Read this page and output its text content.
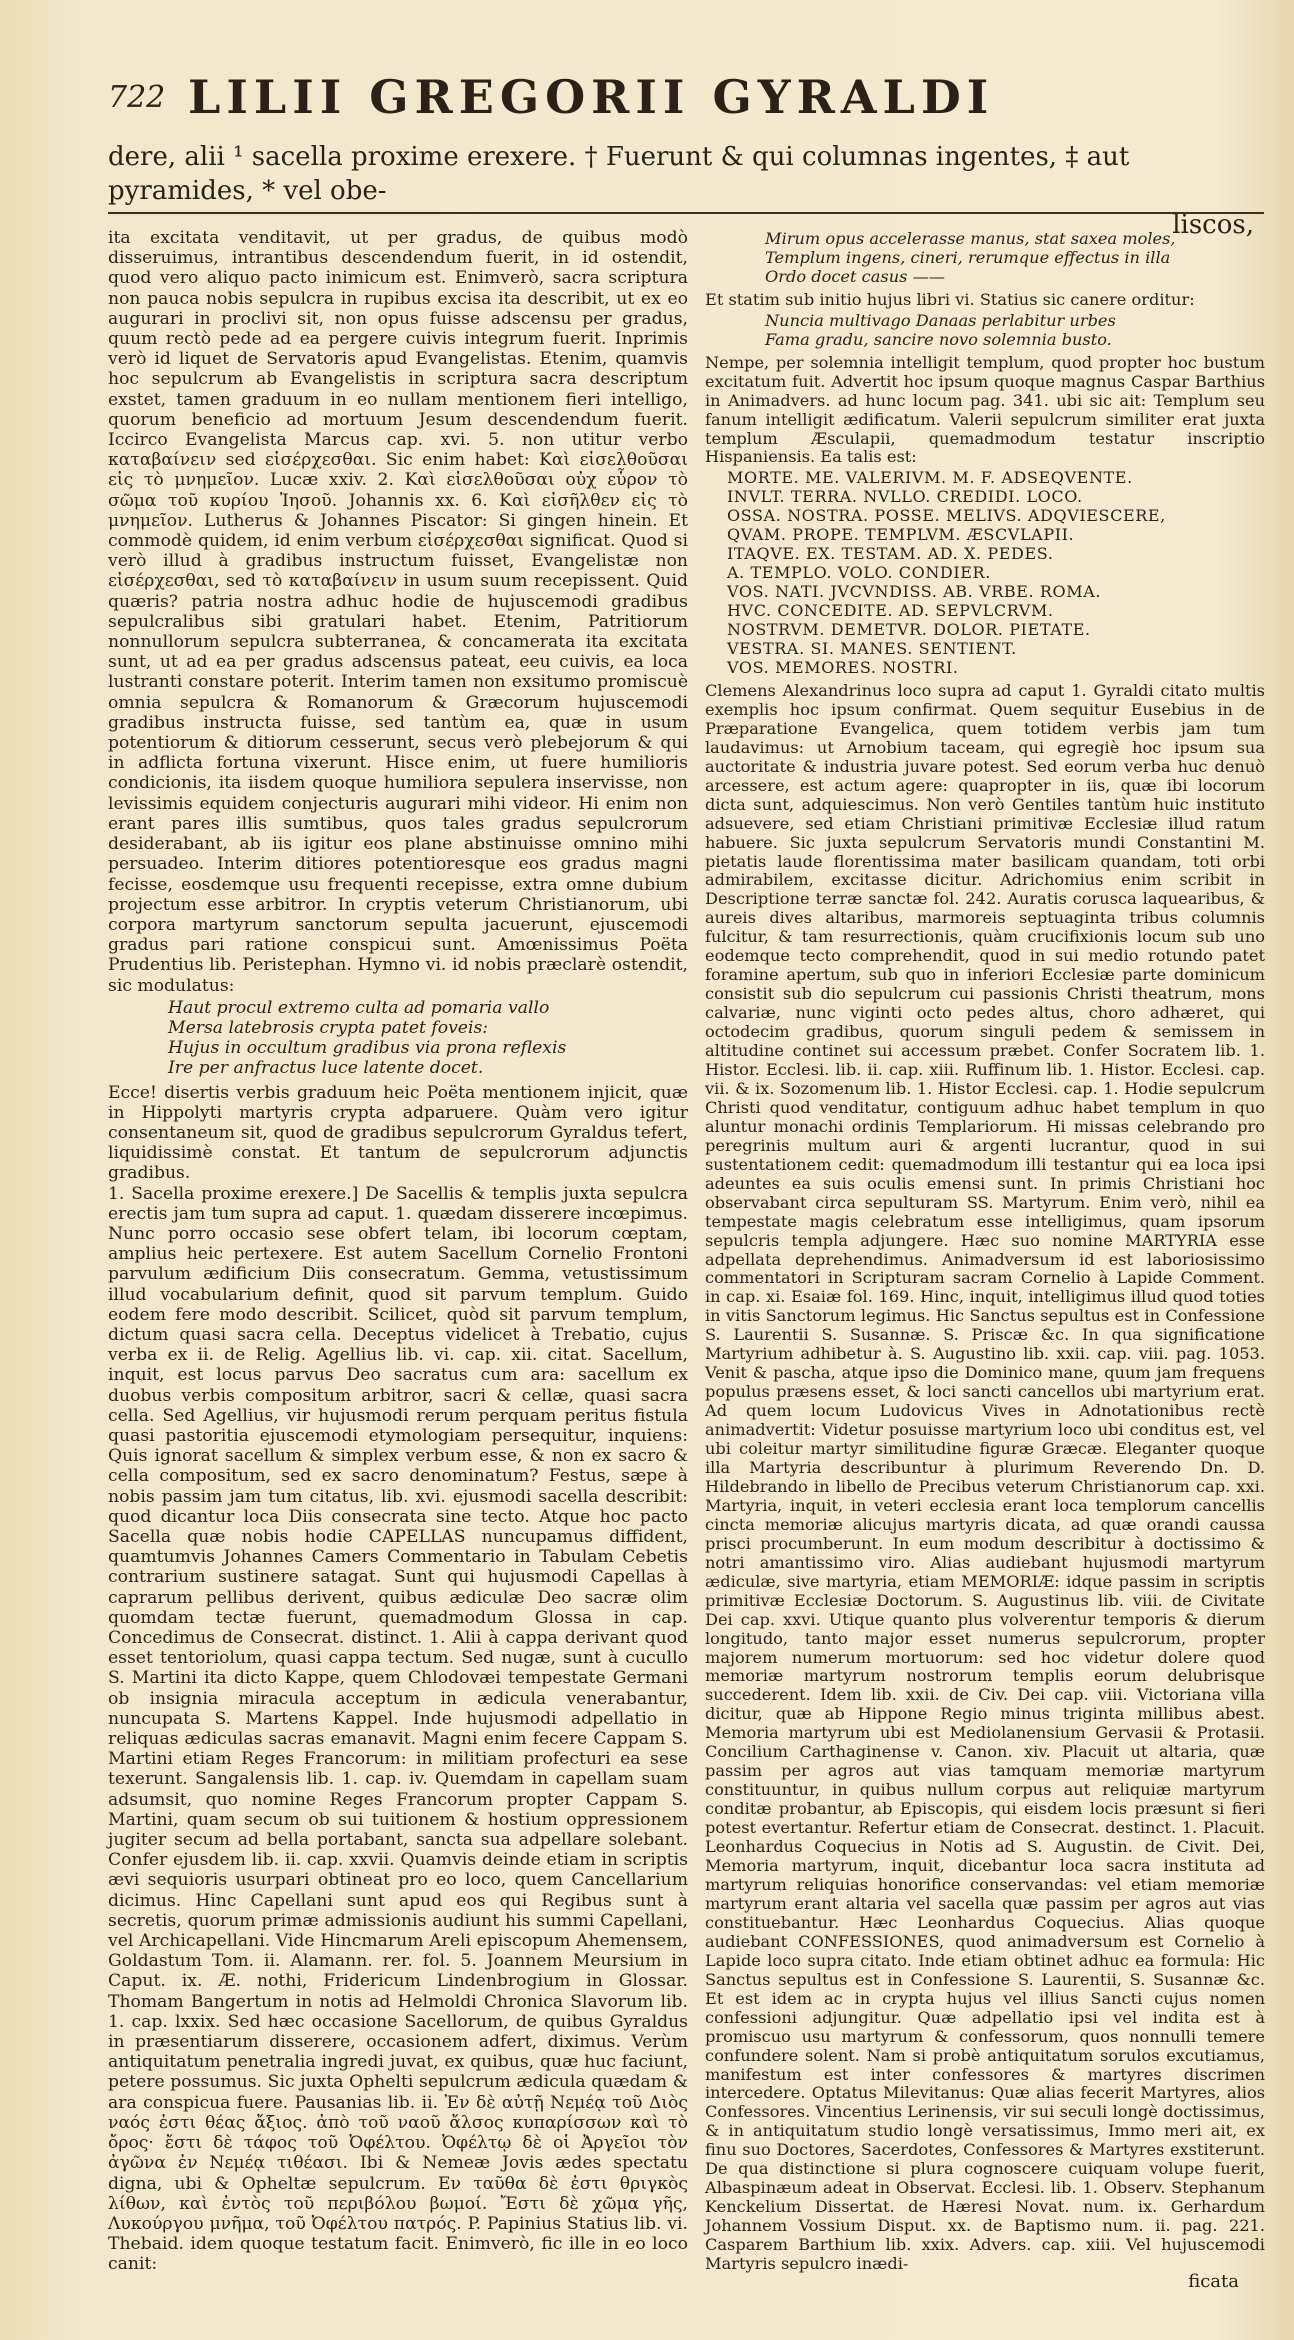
722 LILII GREGORII GYRALDI
dere, alii ¹ sacella proxime erexere. † Fuerunt & qui columnas ingentes, ‡ aut pyramides, * vel obe-
liscos,

ita excitata venditavit, ut per gradus, de quibus modò disseruimus, intrantibus descendendum fuerit, in id ostendit, quod vero aliquo pacto inimicum est. Enimverò, sacra scriptura non pauca nobis sepulcra in rupibus excisa ita describit, ut ex eo augurari in proclivi sit, non opus fuisse adscensu per gradus, quum rectò pede ad ea pergere cuivis integrum fuerit. Inprimis verò id liquet de Servatoris apud Evangelistas. Etenim, quamvis hoc sepulcrum ab Evangelistis in scriptura sacra descriptum exstet, tamen graduum in eo nullam mentionem fieri intelligo, quorum beneficio ad mortuum Jesum descendendum fuerit. Iccirco Evangelista Marcus cap. xvi. 5. non utitur verbo καταβαίνειν sed εἰσέρχεσθαι. Sic enim habet: Καὶ εἰσελθοῦσαι εἰς τὸ μνημεῖον. Lucæ xxiv. 2. Καὶ εἰσελθοῦσαι οὐχ εὗρον τὸ σῶμα τοῦ κυρίου Ἰησοῦ. Johannis xx. 6. Καὶ εἰσῆλθεν εἰς τὸ μνημεῖον. Lutherus & Johannes Piscator: Si gingen hinein. Et commodè quidem, id enim verbum εἰσέρχεσθαι significat. Quod si verò illud à gradibus instructum fuisset, Evangelistæ non εἰσέρχεσθαι, sed τὸ καταβαίνειν in usum suum recepissent. Quid quæris? patria nostra adhuc hodie de hujuscemodi gradibus sepulcralibus sibi gratulari habet. Etenim, Patritiorum nonnullorum sepulcra subterranea, & concamerata ita excitata sunt, ut ad ea per gradus adscensus pateat, eeu cuivis, ea loca lustranti constare poterit. Interim tamen non exsitumo promiscuè omnia sepulcra & Romanorum & Græcorum hujuscemodi gradibus instructa fuisse, sed tantùm ea, quæ in usum potentiorum & ditiorum cesserunt, secus verò plebejorum & qui in adflicta fortuna vixerunt. Hisce enim, ut fuere humilioris condicionis, ita iisdem quoque humiliora sepulera inservisse, non levissimis equidem conjecturis augurari mihi videor. Hi enim non erant pares illis sumtibus, quos tales gradus sepulcrorum desiderabant, ab iis igitur eos plane abstinuisse omnino mihi persuadeo. Interim ditiores potentioresque eos gradus magni fecisse, eosdemque usu frequenti recepisse, extra omne dubium projectum esse arbitror. In cryptis veterum Christianorum, ubi corpora martyrum sanctorum sepulta jacuerunt, ejuscemodi gradus pari ratione conspicui sunt. Amœnissimus Poëta Prudentius lib. Peristephan. Hymno vi. id nobis præclarè ostendit, sic modulatus:

Haut procul extremo culta ad pomaria vallo
Mersa latebrosis crypta patet foveis:
Hujus in occultum gradibus via prona reflexis
Ire per anfractus luce latente docet.

Ecce! disertis verbis graduum heic Poëta mentionem injicit, quæ in Hippolyti martyris crypta adparuere. Quàm vero igitur consentaneum sit, quod de gradibus sepulcrorum Gyraldus tefert, liquidissimè constat. Et tantum de sepulcrorum adjunctis gradibus.

1. Sacella proxime erexere.] De Sacellis & templis juxta sepulcra erectis jam tum supra ad caput. 1. quædam disserere incœpimus. Nunc porro occasio sese obfert telam, ibi locorum cœptam, amplius heic pertexere. Est autem Sacellum Cornelio Frontoni parvulum ædificium Diis consecratum. Gemma, vetustissimum illud vocabularium definit, quod sit parvum templum. Guido eodem fere modo describit. Scilicet, quòd sit parvum templum, dictum quasi sacra cella. Deceptus videlicet à Trebatio, cujus verba ex ii. de Relig. Agellius lib. vi. cap. xii. citat. Sacellum, inquit, est locus parvus Deo sacratus cum ara: sacellum ex duobus verbis compositum arbitror, sacri & cellæ, quasi sacra cella. Sed Agellius, vir hujusmodi rerum perquam peritus fistula quasi pastoritia ejuscemodi etymologiam persequitur, inquiens: Quis ignorat sacellum & simplex verbum esse, & non ex sacro & cella compositum, sed ex sacro denominatum? Festus, sæpe à nobis passim jam tum citatus, lib. xvi. ejusmodi sacella describit: quod dicantur loca Diis consecrata sine tecto. Atque hoc pacto Sacella quæ nobis hodie CAPELLAS nuncupamus diffident, quamtumvis Johannes Camers Commentario in Tabulam Cebetis contrarium sustinere satagat. Sunt qui hujusmodi Capellas à caprarum pellibus derivent, quibus ædiculæ Deo sacræ olim quomdam tectæ fuerunt, quemadmodum Glossa in cap. Concedimus de Consecrat. distinct. 1. Alii à cappa derivant quod esset tentoriolum, quasi cappa tectum. Sed nugæ, sunt à cucullo S. Martini ita dicto Kappe, quem Chlodovæi tempestate Germani ob insignia miracula acceptum in ædicula venerabantur, nuncupata S. Martens Kappel. Inde hujusmodi adpellatio in reliquas ædiculas sacras emanavit. Magni enim fecere Cappam S. Martini etiam Reges Francorum: in militiam profecturi ea sese texerunt. Sangalensis lib. 1. cap. iv. Quemdam in capellam suam adsumsit, quo nomine Reges Francorum propter Cappam S. Martini, quam secum ob sui tuitionem & hostium oppressionem jugiter secum ad bella portabant, sancta sua adpellare solebant. Confer ejusdem lib. ii. cap. xxvii. Quamvis deinde etiam in scriptis ævi sequioris usurpari obtineat pro eo loco, quem Cancellarium dicimus. Hinc Capellani sunt apud eos qui Regibus sunt à secretis, quorum primæ admissionis audiunt his summi Capellani, vel Archicapellani. Vide Hincmarum Areli episcopum Ahemensem, Goldastum Tom. ii. Alamann. rer. fol. 5. Joannem Meursium in Caput. ix. Æ. nothi, Fridericum Lindenbrogium in Glossar. Thomam Bangertum in notis ad Helmoldi Chronica Slavorum lib. 1. cap. lxxix. Sed hæc occasione Sacellorum, de quibus Gyraldus in præsentiarum disserere, occasionem adfert, diximus. Verùm antiquitatum penetralia ingredi juvat, ex quibus, quæ huc faciunt, petere possumus. Sic juxta Ophelti sepulcrum ædicula quædam & ara conspicua fuere. Pausanias lib. ii. Ἐν δὲ αὐτῇ Νεμέᾳ τοῦ Διὸς ναός ἐστι θέας ἄξιος. ἀπὸ τοῦ ναοῦ ἄλσος κυπαρίσσων καὶ τὸ ὄρος· ἔστι δὲ τάφος τοῦ Ὀφέλτου. Ὀφέλτῳ δὲ οἱ Ἀργεῖοι τὸν ἀγῶνα ἐν Νεμέᾳ τιθέασι. Ibi & Nemeæ Jovis ædes spectatu digna, ubi & Opheltæ sepulcrum. Εν ταῦθα δὲ ἐστι θριγκὸς λίθων, καὶ ἐντὸς τοῦ περιβόλου βωμοί. Ἔστι δὲ χῶμα γῆς, Λυκούργου μνῆμα, τοῦ Ὀφέλτου πατρός. P. Papinius Statius lib. vi. Thebaid. idem quoque testatum facit. Enimverò, fic ille in eo loco canit:

Mirum opus accelerasse manus, stat saxea moles,
Templum ingens, cineri, rerumque effectus in illa
Ordo docet casus ——

Et statim sub initio hujus libri vi. Statius sic canere orditur:

Nuncia multivago Danaas perlabitur urbes
Fama gradu, sancire novo solemnia busto.

Nempe, per solemnia intelligit templum, quod propter hoc bustum excitatum fuit. Advertit hoc ipsum quoque magnus Caspar Barthius in Animadvers. ad hunc locum pag. 341. ubi sic ait: Templum seu fanum intelligit ædificatum. Valerii sepulcrum similiter erat juxta templum Æsculapii, quemadmodum testatur inscriptio Hispaniensis. Ea talis est:

MORTE. ME. VALERIVM. M. F. ADSEQVENTE.
INVLT. TERRA. NVLLO. CREDIDI. LOCO.
OSSA. NOSTRA. POSSE. MELIVS. ADQVIESCERE,
QVAM. PROPE. TEMPLVM. ÆSCVLAPII.
ITAQVE. EX. TESTAM. AD. X. PEDES.
A. TEMPLO. VOLO. CONDIER.
VOS. NATI. JVCVNDISS. AB. VRBE. ROMA.
HVC. CONCEDITE. AD. SEPVLCRVM.
NOSTRVM. DEMETVR. DOLOR. PIETATE.
VESTRA. SI. MANES. SENTIENT.
VOS. MEMORES. NOSTRI.

Clemens Alexandrinus loco supra ad caput 1. Gyraldi citato multis exemplis hoc ipsum confirmat. Quem sequitur Eusebius in de Præparatione Evangelica, quem totidem verbis jam tum laudavimus: ut Arnobium taceam, qui egregiè hoc ipsum sua auctoritate & industria juvare potest. Sed eorum verba huc denuò arcessere, est actum agere: quapropter in iis, quæ ibi locorum dicta sunt, adquiescimus. Non verò Gentiles tantùm huic instituto adsuevere, sed etiam Christiani primitivæ Ecclesiæ illud ratum habuere. Sic juxta sepulcrum Servatoris mundi Constantini M. pietatis laude florentissima mater basilicam quandam, toti orbi admirabilem, excitasse dicitur. Adrichomius enim scribit in Descriptione terræ sanctæ fol. 242. Auratis corusca laquearibus, & aureis dives altaribus, marmoreis septuaginta tribus columnis fulcitur, & tam resurrectionis, quàm crucifixionis locum sub uno eodemque tecto comprehendit, quod in sui medio rotundo patet foramine apertum, sub quo in inferiori Ecclesiæ parte dominicum consistit sub dio sepulcrum cui passionis Christi theatrum, mons calvariæ, nunc viginti octo pedes altus, choro adhæret, qui octodecim gradibus, quorum singuli pedem & semissem in altitudine continet sui accessum præbet. Confer Socratem lib. 1. Histor. Ecclesi. lib. ii. cap. xiii. Ruffinum lib. 1. Histor. Ecclesi. cap. vii. & ix. Sozomenum lib. 1. Histor Ecclesi. cap. 1. Hodie sepulcrum Christi quod venditatur, contiguum adhuc habet templum in quo aluntur monachi ordinis Templariorum. Hi missas celebrando pro peregrinis multum auri & argenti lucrantur, quod in sui sustentationem cedit: quemadmodum illi testantur qui ea loca ipsi adeuntes ea suis oculis emensi sunt. In primis Christiani hoc observabant circa sepulturam SS. Martyrum. Enim verò, nihil ea tempestate magis celebratum esse intelligimus, quam ipsorum sepulcris templa adjungere. Hæc suo nomine MARTYRIA esse adpellata deprehendimus. Animadversum id est laboriosissimo commentatori in Scripturam sacram Cornelio à Lapide Comment. in cap. xi. Esaiæ fol. 169. Hinc, inquit, intelligimus illud quod toties in vitis Sanctorum legimus. Hic Sanctus sepultus est in Confessione S. Laurentii S. Susannæ. S. Priscæ &c. In qua significatione Martyrium adhibetur à. S. Augustino lib. xxii. cap. viii. pag. 1053. Venit & pascha, atque ipso die Dominico mane, quum jam frequens populus præsens esset, & loci sancti cancellos ubi martyrium erat. Ad quem locum Ludovicus Vives in Adnotationibus rectè animadvertit: Videtur posuisse martyrium loco ubi conditus est, vel ubi coleitur martyr similitudine figuræ Græcæ. Eleganter quoque illa Martyria describuntur à plurimum Reverendo Dn. D. Hildebrando in libello de Precibus veterum Christianorum cap. xxi. Martyria, inquit, in veteri ecclesia erant loca templorum cancellis cincta memoriæ alicujus martyris dicata, ad quæ orandi caussa prisci procumberunt. In eum modum describitur à doctissimo & notri amantissimo viro. Alias audiebant hujusmodi martyrum ædiculæ, sive martyria, etiam MEMORIÆ: idque passim in scriptis primitivæ Ecclesiæ Doctorum. S. Augustinus lib. viii. de Civitate Dei cap. xxvi. Utique quanto plus volverentur temporis & dierum longitudo, tanto major esset numerus sepulcrorum, propter majorem numerum mortuorum: sed hoc videtur dolere quod memoriæ martyrum nostrorum templis eorum delubrisque succederent. Idem lib. xxii. de Civ. Dei cap. viii. Victoriana villa dicitur, quæ ab Hippone Regio minus triginta millibus abest. Memoria martyrum ubi est Mediolanensium Gervasii & Protasii. Concilium Carthaginense v. Canon. xiv. Placuit ut altaria, quæ passim per agros aut vias tamquam memoriæ martyrum constituuntur, in quibus nullum corpus aut reliquiæ martyrum conditæ probantur, ab Episcopis, qui eisdem locis præsunt si fieri potest evertantur. Refertur etiam de Consecrat. destinct. 1. Placuit. Leonhardus Coquecius in Notis ad S. Augustin. de Civit. Dei, Memoria martyrum, inquit, dicebantur loca sacra instituta ad martyrum reliquias honorifice conservandas: vel etiam memoriæ martyrum erant altaria vel sacella quæ passim per agros aut vias constituebantur. Hæc Leonhardus Coquecius. Alias quoque audiebant CONFESSIONES, quod animadversum est Cornelio à Lapide loco supra citato. Inde etiam obtinet adhuc ea formula: Hic Sanctus sepultus est in Confessione S. Laurentii, S. Susannæ &c. Et est idem ac in crypta hujus vel illius Sancti cujus nomen confessioni adjungitur. Quæ adpellatio ipsi vel indita est à promiscuo usu martyrum & confessorum, quos nonnulli temere confundere solent. Nam si probè antiquitatum sorulos excutiamus, manifestum est inter confessores & martyres discrimen intercedere. Optatus Milevitanus: Quæ alias fecerit Martyres, alios Confessores. Vincentius Lerinensis, vir sui seculi longè doctissimus, & in antiquitatum studio longè versatissimus, Immo meri ait, ex finu suo Doctores, Sacerdotes, Confessores & Martyres exstiterunt. De qua distinctione si plura cognoscere cuiquam volupe fuerit, Albaspinæum adeat in Observat. Ecclesi. lib. 1. Observ. Stephanum Kenckelium Dissertat. de Hæresi Novat. num. ix. Gerhardum Johannem Vossium Disput. xx. de Baptismo num. ii. pag. 221. Casparem Barthium lib. xxix. Advers. cap. xiii. Vel hujuscemodi Martyris sepulcro inædi-

ficata
